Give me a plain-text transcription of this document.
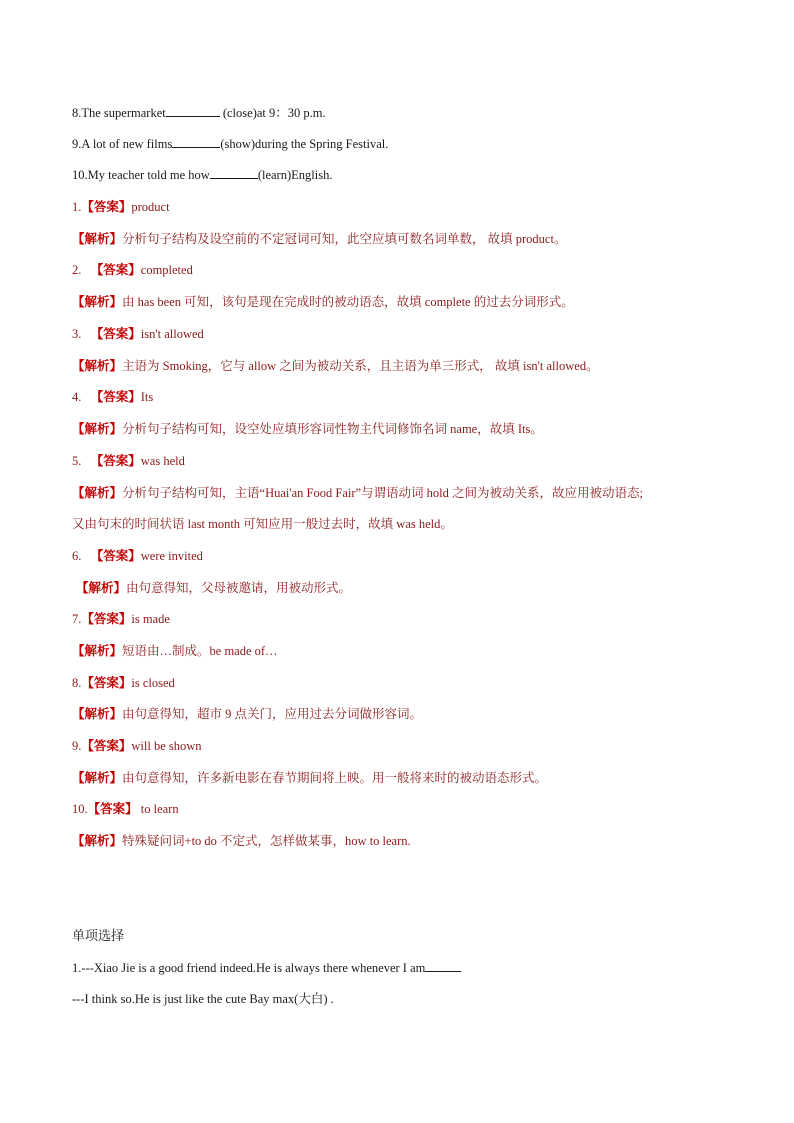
8.The supermarket	(close)at 9：30 p.m.
9.A lot of new films	(show)during the Spring Festival.
10.My teacher told me how	(learn)English.
1.【答案】product
【解析】分析句子结构及设空前的不定冠词可知，此空应填可数名词单数， 故填 product。
2. 【答案】completed
【解析】由 has been 可知，该句是现在完成时的被动语态，故填 complete 的过去分词形式。
3. 【答案】isn't allowed
【解析】主语为 Smoking，它与 allow 之间为被动关系，且主语为单三形式， 故填 isn't allowed。
4. 【答案】Its
【解析】分析句子结构可知，设空处应填形容词性物主代词修饰名词 name，故填 Its。
5. 【答案】was held
【解析】分析句子结构可知，主语“Huai'an Food Fair”与谓语动词 hold 之间为被动关系，故应用被动语态;
又由句末的时间状语 last month 可知应用一般过去时，故填 was held。
6. 【答案】were invited
【解析】由句意得知，父母被邀请，用被动形式。
7.【答案】is made
【解析】短语由…制成。be made of…
8.【答案】is closed
【解析】由句意得知，超市 9 点关门，应用过去分词做形容词。
9.【答案】will be shown
【解析】由句意得知，许多新电影在春节期间将上映。用一般将来时的被动语态形式。
10.【答案】 to learn
【解析】特殊疑问词+to do 不定式，怎样做某事，how to learn.
单项选择
1.---Xiao Jie is a good friend indeed.He is always there whenever I am
---I think so.He is just like the cute Bay max(大白) .
